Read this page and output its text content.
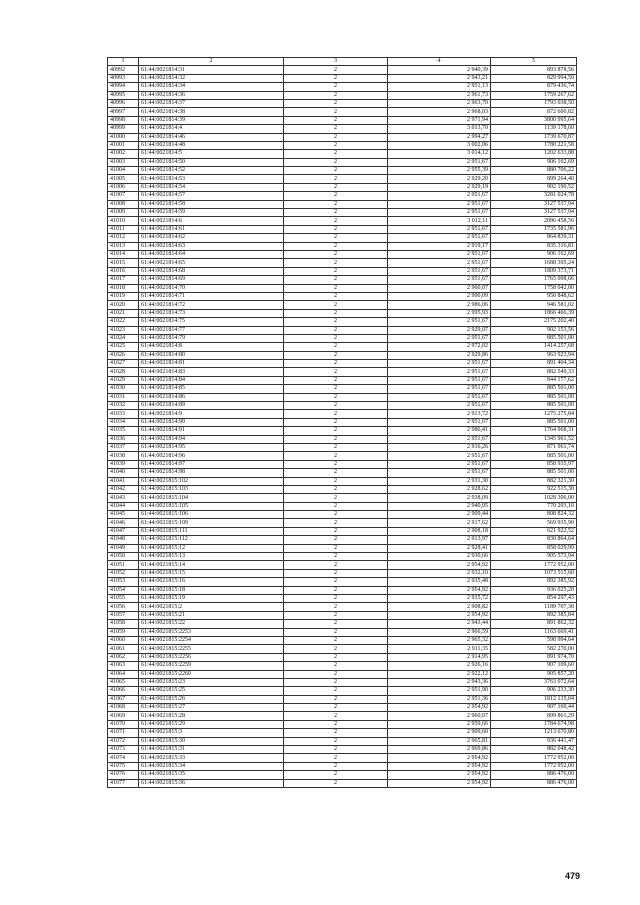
1	2	3	4	5
40992	61:44:0021814:31	2	2 940,39	893 878,56
40993	61:44:0021814:32	2	2 943,21	829 994,50
40994	61:44:0021814:34	2	2 951,13	879 436,74
40995	61:44:0021814:36	2	2 961,73	1759 267,62
40996	61:44:0021814:37	2	2 963,70	1793 038,50
40997	61:44:0021814:38	2	2 968,03	872 600,82
40998	61:44:0021814:39	2	2 971,94	3800 995,64
40999	61:44:0021814:4	2	3 013,70	1139 178,60
41000	61:44:0021814:46	2	2 994,27	1739 670,87
41001	61:44:0021814:48	2	3 002,06	1780 221,58
41002	61:44:0021814:5	2	3 014,12	1202 633,88
41003	61:44:0021814:50	2	2 951,67	906 162,69
41004	61:44:0021814:52	2	2 955,39	880 706,22
41005	61:44:0021814:53	2	2 929,20	899 264,40
41006	61:44:0021814:54	2	2 929,19	902 190,52
41007	61:44:0021814:57	2	2 951,67	3281 024,78
41008	61:44:0021814:58	2	2 951,67	3127 537,94
41009	61:44:0021814:59	2	2 951,67	3127 537,94
41010	61:44:0021814:6	2	3 012,11	2096 458,56
41011	61:44:0021814:61	2	2 951,67	1735 581,96
41012	61:44:0021814:62	2	2 951,67	864 839,31
41013	61:44:0021814:63	2	2 919,17	835 316,81
41014	61:44:0021814:64	2	2 951,67	906 162,69
41015	61:44:0021814:65	2	2 951,67	1688 395,24
41016	61:44:0021814:68	2	2 951,67	1809 373,71
41017	61:44:0021814:69	2	2 951,67	1765 098,66
41018	61:44:0021814:70	2	2 960,07	1758 042,00
41019	61:44:0021814:71	2	2 990,09	950 848,62
41020	61:44:0021814:72	2	2 986,06	946 581,02
41021	61:44:0021814:73	2	2 995,93	1866 466,39
41022	61:44:0021814:75	2	2 951,67	2175 202,40
41023	61:44:0021814:77	2	2 929,07	902 153,56
41024	61:44:0021814:79	2	2 951,67	885 501,00
41025	61:44:0021814:8	2	2 972,02	1414 257,68
41026	61:44:0021814:80	2	2 929,86	963 923,94
41027	61:44:0021814:81	2	2 951,67	891 404,34
41028	61:44:0021814:83	2	2 951,67	882 549,33
41029	61:44:0021814:84	2	2 951,67	844 177,62
41030	61:44:0021814:85	2	2 951,67	885 501,00
41031	61:44:0021814:86	2	2 951,67	885 501,00
41032	61:44:0021814:89	2	2 951,67	885 501,00
41033	61:44:0021814:9	2	2 913,72	1275 275,84
41034	61:44:0021814:90	2	2 951,67	885 501,00
41035	61:44:0021814:91	2	2 986,41	1764 968,31
41036	61:44:0021814:94	2	2 951,67	1345 961,52
41037	61:44:0021814:95	2	2 916,26	871 961,74
41038	61:44:0021814:96	2	2 951,67	885 501,00
41039	61:44:0021814:97	2	2 951,67	858 935,97
41040	61:44:0021814:98	2	2 951,67	885 501,00
41041	61:44:0021815:102	2	2 931,30	882 321,30
41042	61:44:0021815:103	2	2 928,62	922 515,30
41043	61:44:0021815:104	2	2 938,09	1028 306,00
41044	61:44:0021815:105	2	2 940,05	770 293,10
41045	61:44:0021815:106	2	2 909,44	808 824,32
41046	61:44:0021815:109	2	2 917,62	569 935,90
41047	61:44:0021815:111	2	2 908,18	621 922,52
41048	61:44:0021815:112	2	2 913,97	830 864,64
41049	61:44:0021815:12	2	2 928,41	858 029,99
41050	61:44:0021815:13	2	2 930,66	905 573,94
41051	61:44:0021815:14	2	2 954,92	1772 952,00
41052	61:44:0021815:15	2	2 932,10	1073 515,60
41053	61:44:0021815:16	2	2 935,48	892 385,92
41054	61:44:0021815:18	2	2 954,92	936 025,20
41055	61:44:0021815:19	2	2 935,72	854 297,43
41056	61:44:0021815:2	2	2 908,82	1189 707,38
41057	61:44:0021815:21	2	2 954,92	892 385,84
41058	61:44:0021815:22	2	2 943,44	891 862,32
41059	61:44:0021815:2253	2	2 966,59	1163 669,41
41060	61:44:0021815:2254	2	2 965,32	598 994,64
41061	61:44:0021815:2255	2	2 911,35	582 270,00
41062	61:44:0021815:2256	2	2 914,95	891 974,70
41063	61:44:0021815:2259	2	2 926,16	907 109,60
41064	61:44:0021815:2260	2	2 922,12	905 857,20
41065	61:44:0021815:23	2	2 943,36	3763 072,64
41066	61:44:0021815:25	2	2 951,90	906 233,30
41067	61:44:0021815:26	2	2 951,36	1812 135,04
41068	61:44:0021815:27	2	2 954,92	907 160,44
41069	61:44:0021815:28	2	2 960,07	899 861,29
41070	61:44:0021815:29	2	2 959,66	1784 674,98
41071	61:44:0021815:3	2	2 909,60	1213 670,80
41072	61:44:0021815:30	2	2 965,81	936 441,47
41073	61:44:0021815:31	2	2 969,86	882 048,42
41074	61:44:0021815:33	2	2 954,92	1772 952,00
41075	61:44:0021815:34	2	2 954,92	1772 952,00
41076	61:44:0021815:35	2	2 954,92	886 476,00
41077	61:44:0021815:36	2	2 954,92	886 476,00
479
